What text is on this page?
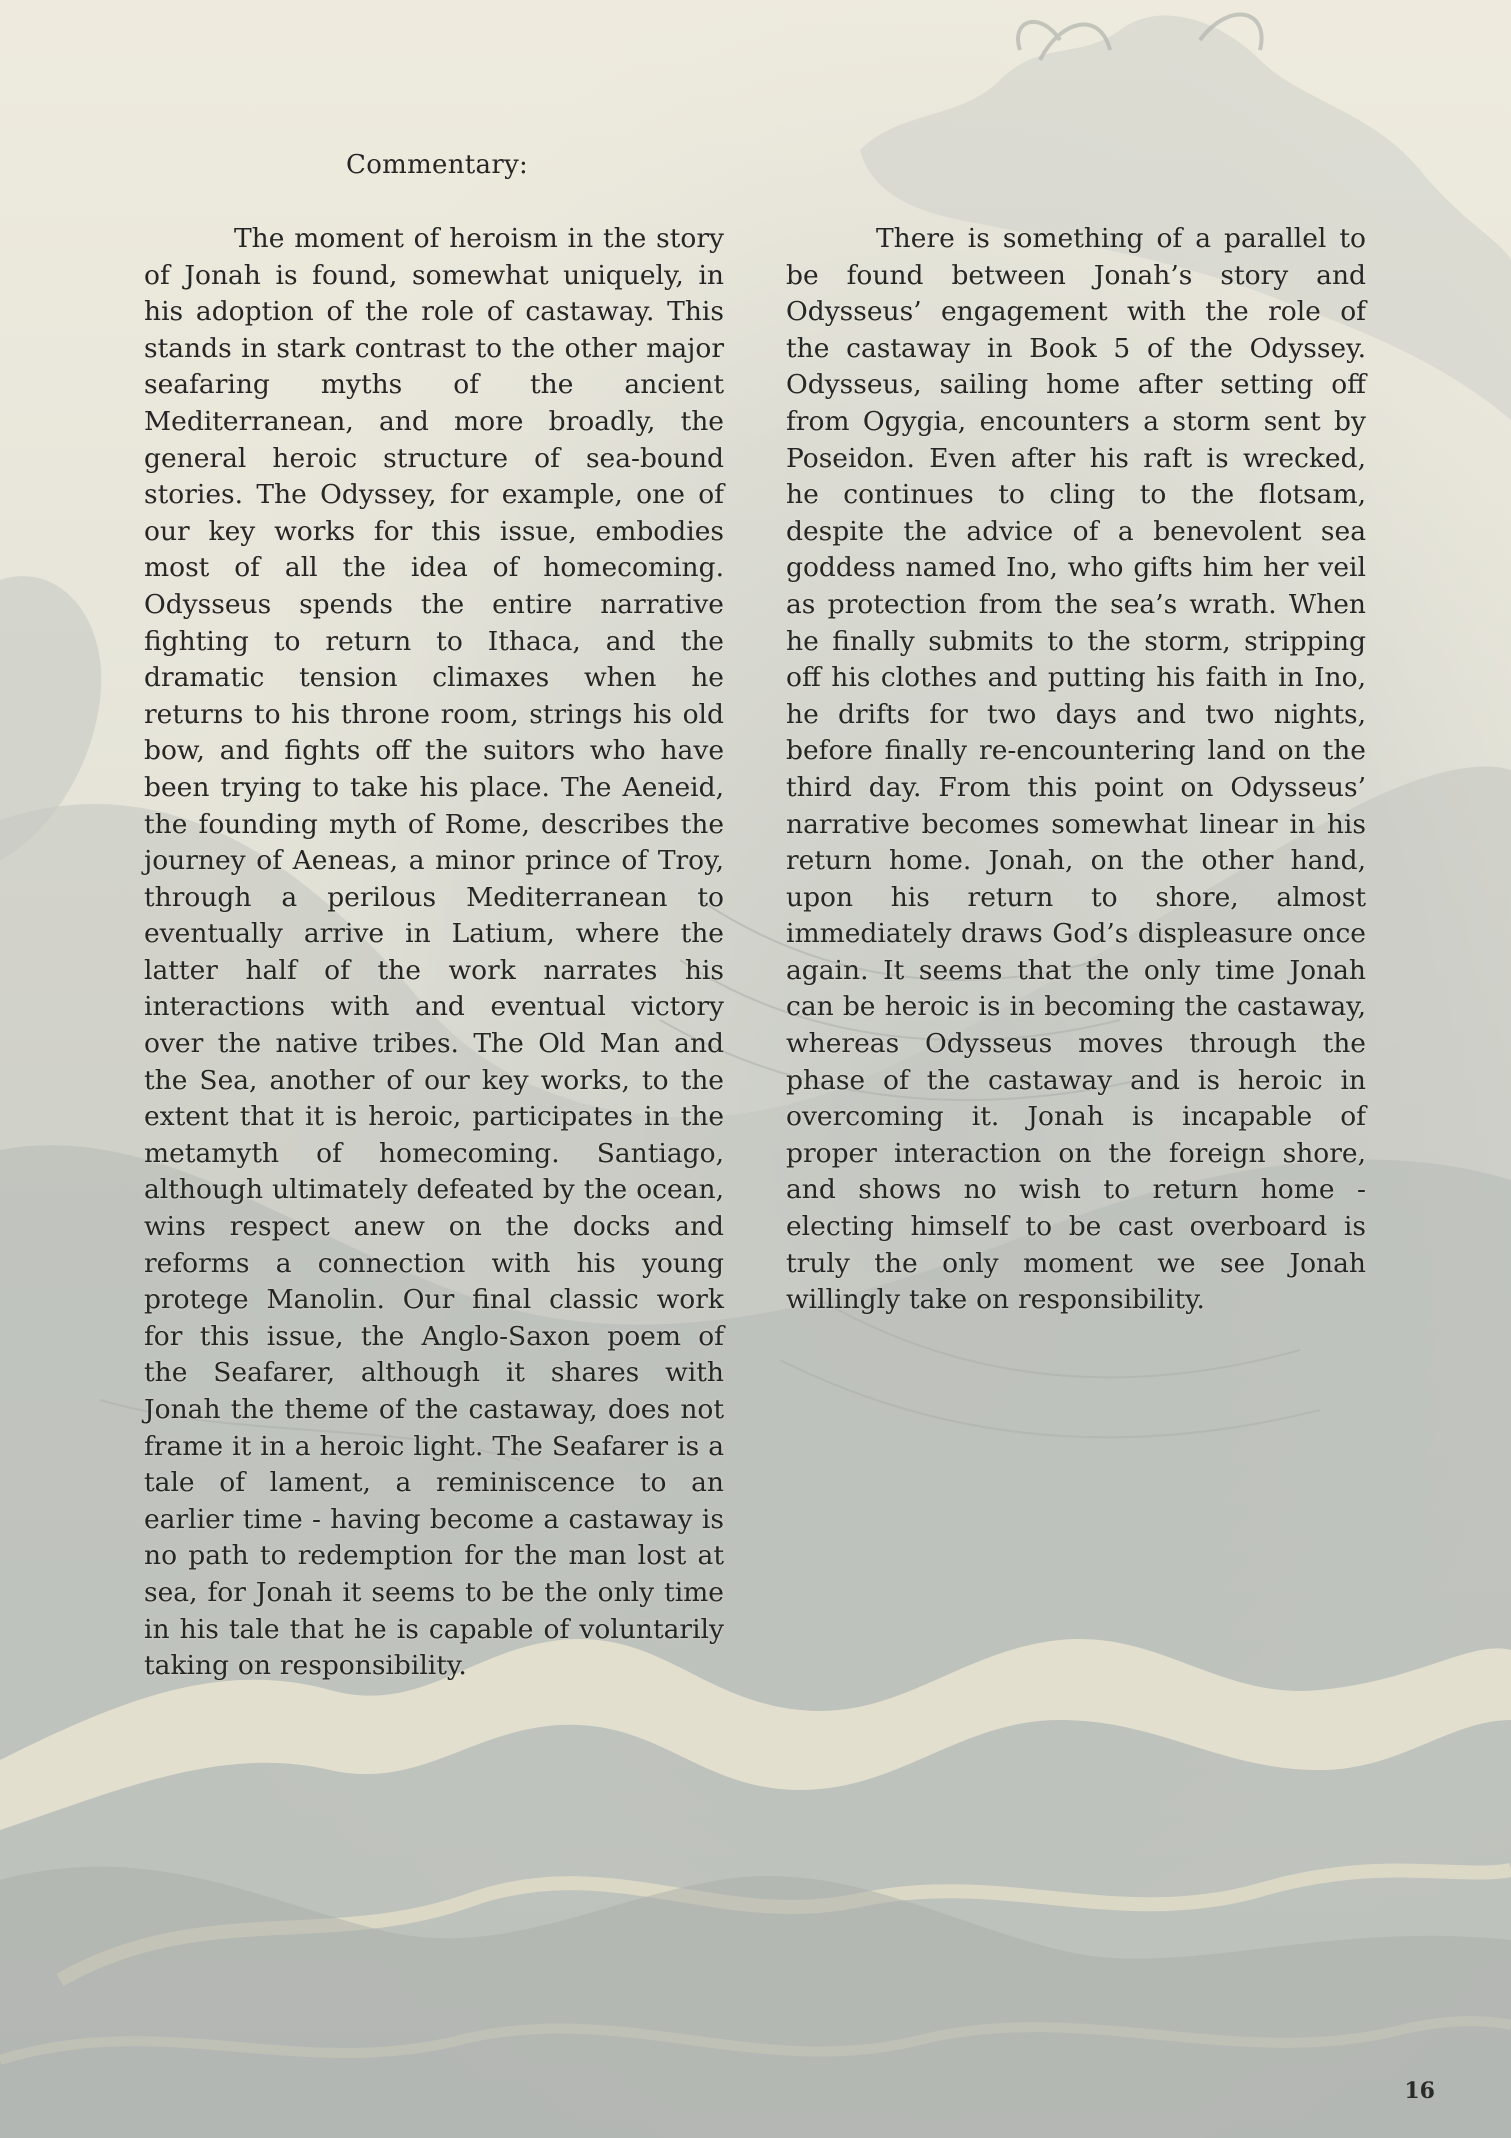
Commentary:

The moment of heroism in the story of Jonah is found, somewhat uniquely, in his adoption of the role of castaway. This stands in stark contrast to the other major seafaring myths of the ancient Mediterranean, and more broadly, the general heroic structure of sea-bound stories. The Odyssey, for example, one of our key works for this issue, embodies most of all the idea of homecoming. Odysseus spends the entire narrative fighting to return to Ithaca, and the dramatic tension climaxes when he returns to his throne room, strings his old bow, and fights off the suitors who have been trying to take his place. The Aeneid, the founding myth of Rome, describes the journey of Aeneas, a minor prince of Troy, through a perilous Mediterranean to eventually arrive in Latium, where the latter half of the work narrates his interactions with and eventual victory over the native tribes. The Old Man and the Sea, another of our key works, to the extent that it is heroic, participates in the metamyth of homecoming. Santiago, although ultimately defeated by the ocean, wins respect anew on the docks and reforms a connection with his young protege Manolin. Our final classic work for this issue, the Anglo-Saxon poem of the Seafarer, although it shares with Jonah the theme of the castaway, does not frame it in a heroic light. The Seafarer is a tale of lament, a reminiscence to an earlier time - having become a castaway is no path to redemption for the man lost at sea, for Jonah it seems to be the only time in his tale that he is capable of voluntarily taking on responsibility.

There is something of a parallel to be found between Jonah’s story and Odysseus’ engagement with the role of the castaway in Book 5 of the Odyssey. Odysseus, sailing home after setting off from Ogygia, encounters a storm sent by Poseidon. Even after his raft is wrecked, he continues to cling to the flotsam, despite the advice of a benevolent sea goddess named Ino, who gifts him her veil as protection from the sea’s wrath. When he finally submits to the storm, stripping off his clothes and putting his faith in Ino, he drifts for two days and two nights, before finally re-encountering land on the third day. From this point on Odysseus’ narrative becomes somewhat linear in his return home. Jonah, on the other hand, upon his return to shore, almost immediately draws God’s displeasure once again. It seems that the only time Jonah can be heroic is in becoming the castaway, whereas Odysseus moves through the phase of the castaway and is heroic in overcoming it. Jonah is incapable of proper interaction on the foreign shore, and shows no wish to return home - electing himself to be cast overboard is truly the only moment we see Jonah willingly take on responsibility.

16
